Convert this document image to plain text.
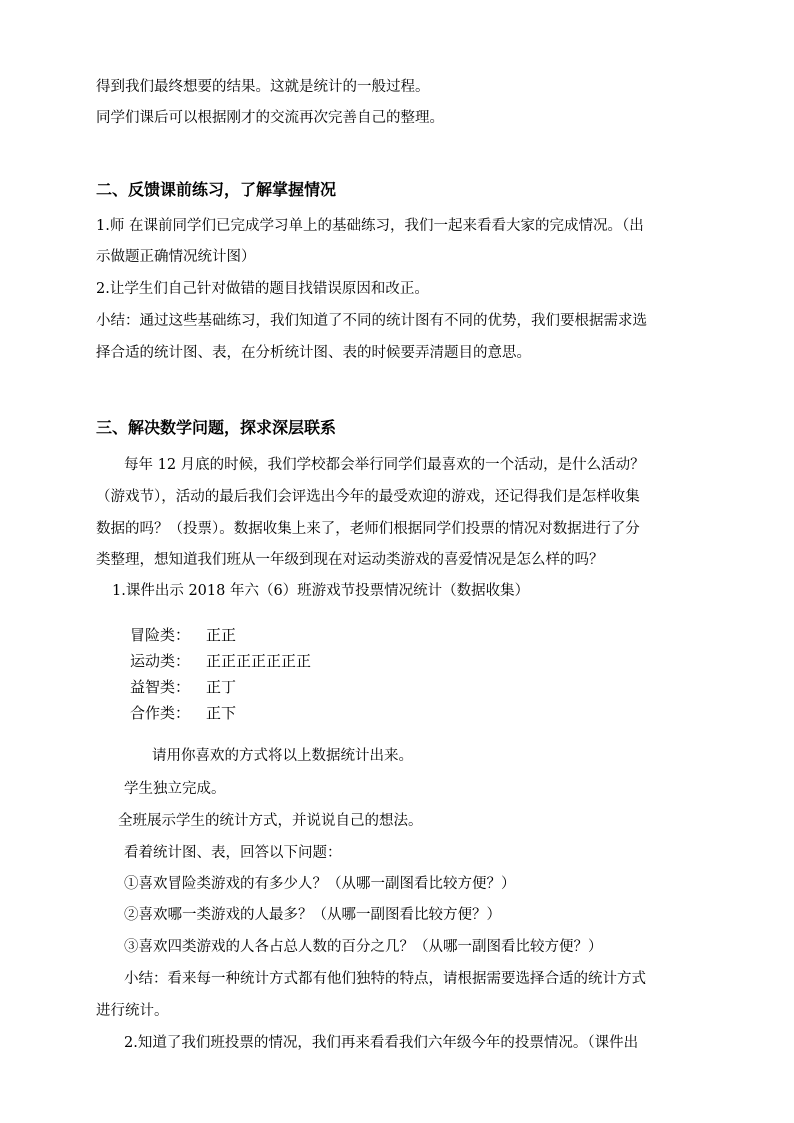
得到我们最终想要的结果。这就是统计的一般过程。
同学们课后可以根据刚才的交流再次完善自己的整理。
二、反馈课前练习，了解掌握情况
1.师 在课前同学们已完成学习单上的基础练习，我们一起来看看大家的完成情况。（出
示做题正确情况统计图）
2.让学生们自己针对做错的题目找错误原因和改正。
小结：通过这些基础练习，我们知道了不同的统计图有不同的优势，我们要根据需求选
择合适的统计图、表，在分析统计图、表的时候要弄清题目的意思。
三、解决数学问题，探求深层联系
每年 12 月底的时候，我们学校都会举行同学们最喜欢的一个活动，是什么活动？
（游戏节），活动的最后我们会评选出今年的最受欢迎的游戏，还记得我们是怎样收集
数据的吗？（投票）。数据收集上来了，老师们根据同学们投票的情况对数据进行了分
类整理，想知道我们班从一年级到现在对运动类游戏的喜爱情况是怎么样的吗？
1.课件出示 2018 年六（6）班游戏节投票情况统计（数据收集）
冒险类： 正正
运动类： 正正正正正正正
益智类： 正丁
合作类： 正下
请用你喜欢的方式将以上数据统计出来。
学生独立完成。
全班展示学生的统计方式，并说说自己的想法。
看着统计图、表，回答以下问题：
①喜欢冒险类游戏的有多少人？（从哪一副图看比较方便？）
②喜欢哪一类游戏的人最多？（从哪一副图看比较方便？）
③喜欢四类游戏的人各占总人数的百分之几？（从哪一副图看比较方便？）
小结：看来每一种统计方式都有他们独特的特点，请根据需要选择合适的统计方式
进行统计。
2.知道了我们班投票的情况，我们再来看看我们六年级今年的投票情况。（课件出
